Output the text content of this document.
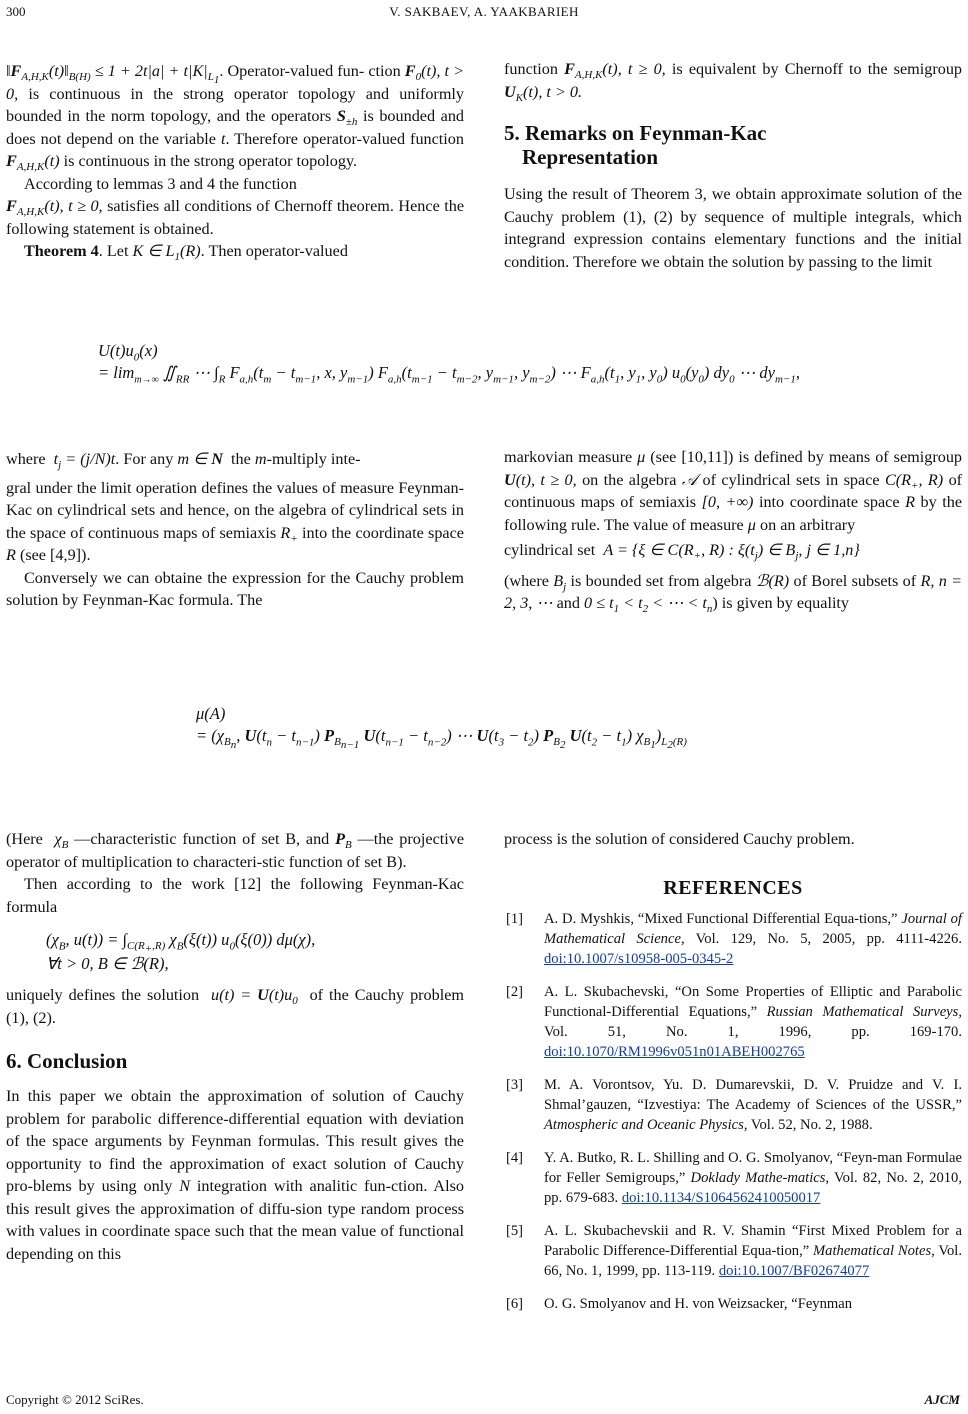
300	V. SAKBAEV, A. YAAKBARIEH

$‖F_{A,H,K}(t)‖_{B(H)} \le 1 + 2t|a| + t|K|_{L_1}$. Operator-valued fun- ction $F_0(t)$, t > 0, is continuous in the strong operator topology and uniformly bounded in the norm topology, and the operators $S_{\pm h}$ is bounded and does not depend on the variable t. Therefore operator-valued function $F_{A,H,K}(t)$ is continuous in the strong operator topology.

According to lemmas 3 and 4 the function

$F_{A,H,K}(t)$, t ≥ 0, satisfies all conditions of Chernoff theorem. Hence the following statement is obtained.

Theorem 4. Let K ∈ $L_1(R)$. Then operator-valued

function $F_{A,H,K}(t)$, t ≥ 0, is equivalent by Chernoff to the semigroup $U_K(t)$, t > 0.

5. Remarks on Feynman-Kac
Representation

Using the result of Theorem 3, we obtain approximate solution of the Cauchy problem (1), (2) by sequence of multiple integrals, which integrand expression contains elementary functions and the initial condition. Therefore we obtain the solution by passing to the limit

$U(t)u_0(x)$
= $\lim_{m\to\infty}$ $∬_{RR}$ ⋯ $\int_R$ $F_{a,h}(t_m - t_{m-1}$, x, $y_{m-1}$) $F_{a,h}(t_{m-1} - t_{m-2}$, $y_{m-1}$, $y_{m-2}$) ⋯ $F_{a,h}(t_1$, $y_1$, $y_0$) $u_0(y_0)$ $dy_0$ ⋯ $dy_{m-1}$,

where $t_j = (j/N)t$. For any m ∈ N the m-multiply inte-

gral under the limit operation defines the values of measure Feynman-Kac on cylindrical sets and hence, on the algebra of cylindrical sets in the space of continuous maps of semiaxis $R_+$ into the coordinate space R (see [4,9]).

Conversely we can obtaine the expression for the Cauchy problem solution by Feynman-Kac formula. The

markovian measure μ (see [10,11]) is defined by means of semigroup U(t), t ≥ 0, on the algebra 𝒜 of cylindrical sets in space $C(R_+$, R) of continuous maps of semiaxis [0, +∞) into coordinate space R by the following rule. The value of measure μ on an arbitrary

cylindrical set A = {ξ ∈ $C(R_+$, R) : $\xi(t_j)$ ∈ $B_j$, j ∈ 1,n}

(where $B_j$ is bounded set from algebra ℬ(R) of Borel subsets of R, n = 2, 3, ⋯ and $0 \le t_1 < t_2$ < ⋯ < $t_n$) is given by equality

μ(A)
= ($\chi_{B_n}$, $U(t_n - t_{n-1})$ $P_{B_{n-1}}$ $U(t_{n-1} - t_{n-2})$ ⋯ $U(t_3 - t_2)$ $P_{B_2}$ $U(t_2 - t_1)$ $\chi_{B_1})_{L_2(R)}$

(Here $\chi_B$ —characteristic function of set B, and $P_B$ —the projective operator of multiplication to characteri-stic function of set B).

Then according to the work [12] the following Feynman-Kac formula

($\chi_B$, $u(t)) = \int_{C(R_+,R)}$ $\chi_B(\xi(t))$ $u_0(\xi(0))$ dμ(χ),
∀t > 0, B ∈ ℬ(R),

uniquely defines the solution $u(t) = U(t)u_0$ of the Cauchy problem (1), (2).

6. Conclusion

In this paper we obtain the approximation of solution of Cauchy problem for parabolic difference-differential equation with deviation of the space arguments by Feynman formulas. This result gives the opportunity to find the approximation of exact solution of Cauchy pro-blems by using only N integration with analitic fun-ction. Also this result gives the approximation of diffu-sion type random process with values in coordinate space such that the mean value of functional depending on this

process is the solution of considered Cauchy problem.

REFERENCES
[1] A. D. Myshkis, “Mixed Functional Differential Equa-tions,” Journal of Mathematical Science, Vol. 129, No. 5, 2005, pp. 4111-4226. doi:10.1007/s10958-005-0345-2
[2] A. L. Skubachevski, “On Some Properties of Elliptic and Parabolic Functional-Differential Equations,” Russian Mathematical Surveys, Vol. 51, No. 1, 1996, pp. 169-170. doi:10.1070/RM1996v051n01ABEH002765
[3] M. A. Vorontsov, Yu. D. Dumarevskii, D. V. Pruidze and V. I. Shmal’gauzen, “Izvestiya: The Academy of Sciences of the USSR,” Atmospheric and Oceanic Physics, Vol. 52, No. 2, 1988.
[4] Y. A. Butko, R. L. Shilling and O. G. Smolyanov, “Feyn-man Formulae for Feller Semigroups,” Doklady Mathe-matics, Vol. 82, No. 2, 2010, pp. 679-683. doi:10.1134/S1064562410050017
[5] A. L. Skubachevskii and R. V. Shamin “First Mixed Problem for a Parabolic Difference-Differential Equa-tion,” Mathematical Notes, Vol. 66, No. 1, 1999, pp. 113-119. doi:10.1007/BF02674077
[6] O. G. Smolyanov and H. von Weizsacker, “Feynman
Copyright © 2012 SciRes.	AJCM
